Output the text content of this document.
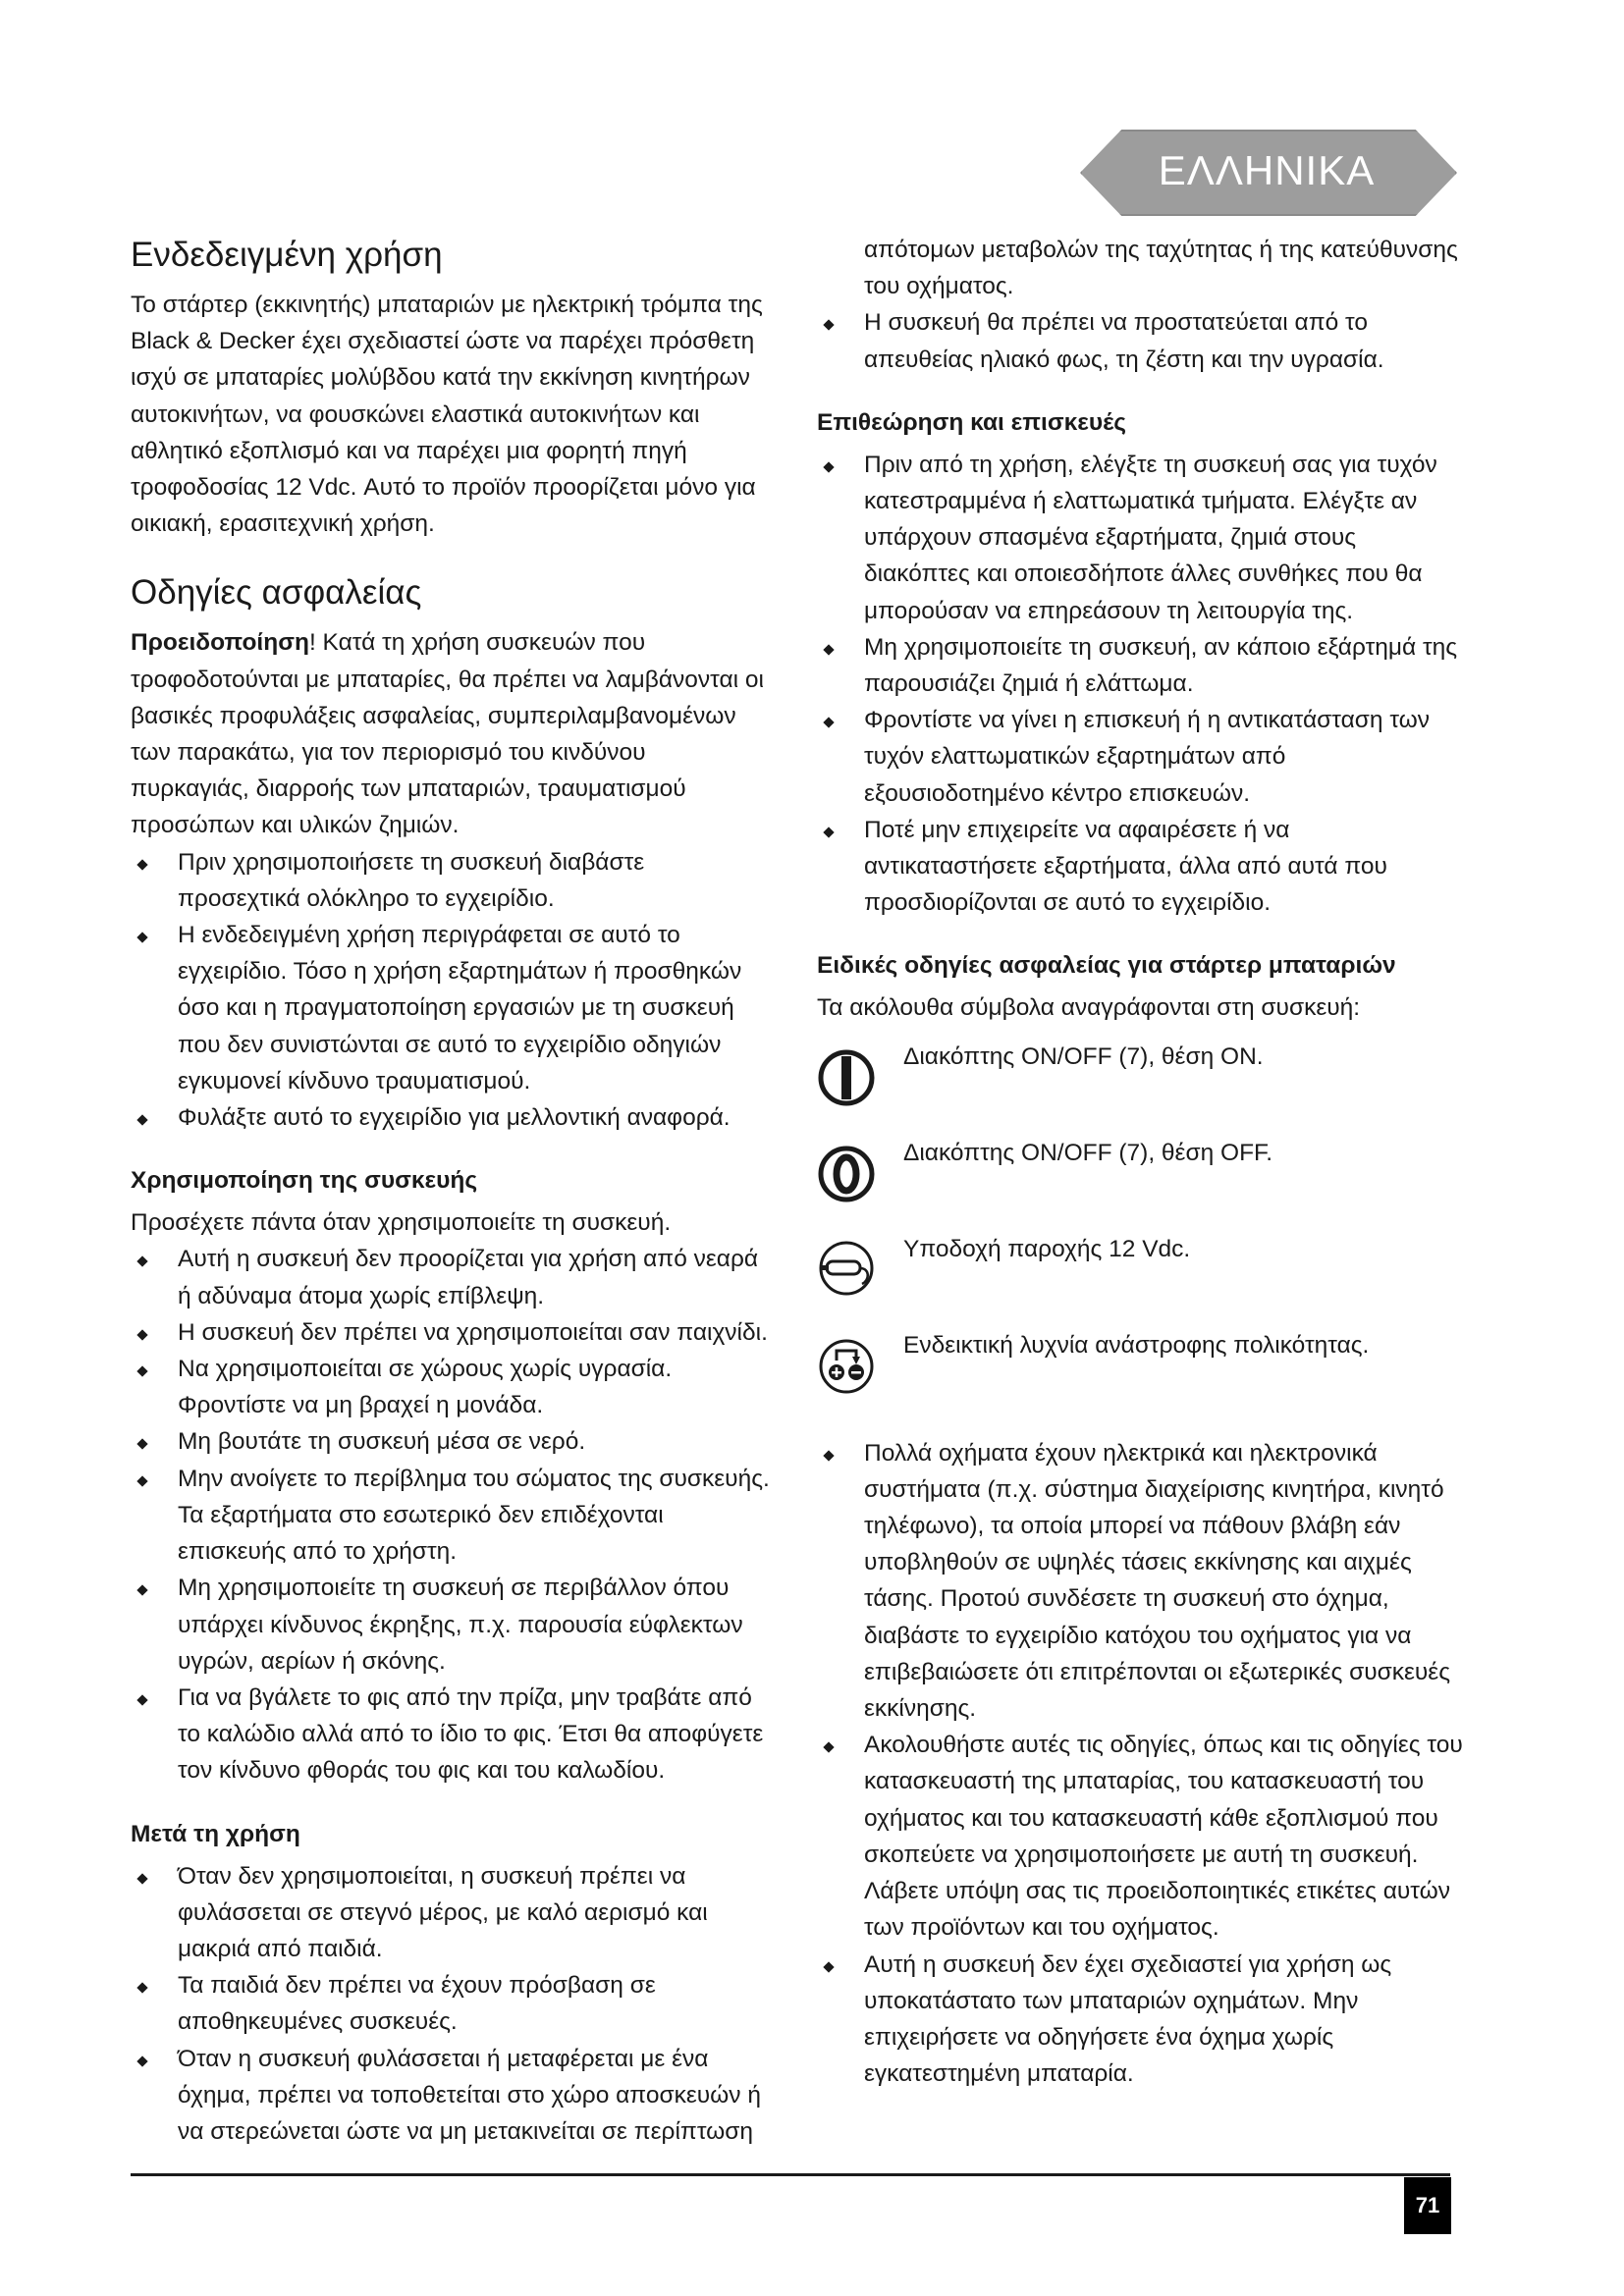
ΕΛΛΗΝΙΚΑ
Ενδεδειγμένη χρήση

Το στάρτερ (εκκινητής) μπαταριών με ηλεκτρική τρόμπα της Black & Decker έχει σχεδιαστεί ώστε να παρέχει πρόσθετη ισχύ σε μπαταρίες μολύβδου κατά την εκκίνηση κινητήρων αυτοκινήτων, να φουσκώνει ελαστικά αυτοκινήτων και αθλητικό εξοπλισμό και να παρέχει μια φορητή πηγή τροφοδοσίας 12 Vdc. Αυτό το προϊόν προορίζεται μόνο για οικιακή, ερασιτεχνική χρήση.

Οδηγίες ασφαλείας

Προειδοποίηση! Κατά τη χρήση συσκευών που τροφοδοτούνται με μπαταρίες, θα πρέπει να λαμβάνονται οι βασικές προφυλάξεις ασφαλείας, συμπεριλαμβανομένων των παρακάτω, για τον περιορισμό του κινδύνου πυρκαγιάς, διαρροής των μπαταριών, τραυματισμού προσώπων και υλικών ζημιών.

Πριν χρησιμοποιήσετε τη συσκευή διαβάστε προσεχτικά ολόκληρο το εγχειρίδιο.
Η ενδεδειγμένη χρήση περιγράφεται σε αυτό το εγχειρίδιο. Τόσο η χρήση εξαρτημάτων ή προσθηκών όσο και η πραγματοποίηση εργασιών με τη συσκευή που δεν συνιστώνται σε αυτό το εγχειρίδιο οδηγιών εγκυμονεί κίνδυνο τραυματισμού.
Φυλάξτε αυτό το εγχειρίδιο για μελλοντική αναφορά.
Χρησιμοποίηση της συσκευής

Προσέχετε πάντα όταν χρησιμοποιείτε τη συσκευή.

Αυτή η συσκευή δεν προορίζεται για χρήση από νεαρά ή αδύναμα άτομα χωρίς επίβλεψη.
Η συσκευή δεν πρέπει να χρησιμοποιείται σαν παιχνίδι.
Να χρησιμοποιείται σε χώρους χωρίς υγρασία. Φροντίστε να μη βραχεί η μονάδα.
Μη βουτάτε τη συσκευή μέσα σε νερό.
Μην ανοίγετε το περίβλημα του σώματος της συσκευής. Τα εξαρτήματα στο εσωτερικό δεν επιδέχονται επισκευής από το χρήστη.
Μη χρησιμοποιείτε τη συσκευή σε περιβάλλον όπου υπάρχει κίνδυνος έκρηξης, π.χ. παρουσία εύφλεκτων υγρών, αερίων ή σκόνης.
Για να βγάλετε το φις από την πρίζα, μην τραβάτε από το καλώδιο αλλά από το ίδιο το φις. Έτσι θα αποφύγετε τον κίνδυνο φθοράς του φις και του καλωδίου.
Μετά τη χρήση
Όταν δεν χρησιμοποιείται, η συσκευή πρέπει να φυλάσσεται σε στεγνό μέρος, με καλό αερισμό και μακριά από παιδιά.
Τα παιδιά δεν πρέπει να έχουν πρόσβαση σε αποθηκευμένες συσκευές.
Όταν η συσκευή φυλάσσεται ή μεταφέρεται με ένα όχημα, πρέπει να τοποθετείται στο χώρο αποσκευών ή να στερεώνεται ώστε να μη μετακινείται σε περίπτωση

απότομων μεταβολών της ταχύτητας ή της κατεύθυνσης του οχήματος.

Η συσκευή θα πρέπει να προστατεύεται από το απευθείας ηλιακό φως, τη ζέστη και την υγρασία.
Επιθεώρηση και επισκευές
Πριν από τη χρήση, ελέγξτε τη συσκευή σας για τυχόν κατεστραμμένα ή ελαττωματικά τμήματα. Ελέγξτε αν υπάρχουν σπασμένα εξαρτήματα, ζημιά στους διακόπτες και οποιεσδήποτε άλλες συνθήκες που θα μπορούσαν να επηρεάσουν τη λειτουργία της.
Μη χρησιμοποιείτε τη συσκευή, αν κάποιο εξάρτημά της παρουσιάζει ζημιά ή ελάττωμα.
Φροντίστε να γίνει η επισκευή ή η αντικατάσταση των τυχόν ελαττωματικών εξαρτημάτων από εξουσιοδοτημένο κέντρο επισκευών.
Ποτέ μην επιχειρείτε να αφαιρέσετε ή να αντικαταστήσετε εξαρτήματα, άλλα από αυτά που προσδιορίζονται σε αυτό το εγχειρίδιο.
Ειδικές οδηγίες ασφαλείας για στάρτερ μπαταριών

Τα ακόλουθα σύμβολα αναγράφονται στη συσκευή:

Διακόπτης ON/OFF (7), θέση ON.
Διακόπτης ON/OFF (7), θέση OFF.
Υποδοχή παροχής 12 Vdc.
Ενδεικτική λυχνία ανάστροφης πολικότητας.
Πολλά οχήματα έχουν ηλεκτρικά και ηλεκτρονικά συστήματα (π.χ. σύστημα διαχείρισης κινητήρα, κινητό τηλέφωνο), τα οποία μπορεί να πάθουν βλάβη εάν υποβληθούν σε υψηλές τάσεις εκκίνησης και αιχμές τάσης. Προτού συνδέσετε τη συσκευή στο όχημα, διαβάστε το εγχειρίδιο κατόχου του οχήματος για να επιβεβαιώσετε ότι επιτρέπονται οι εξωτερικές συσκευές εκκίνησης.
Ακολουθήστε αυτές τις οδηγίες, όπως και τις οδηγίες του κατασκευαστή της μπαταρίας, του κατασκευαστή του οχήματος και του κατασκευαστή κάθε εξοπλισμού που σκοπεύετε να χρησιμοποιήσετε με αυτή τη συσκευή. Λάβετε υπόψη σας τις προειδοποιητικές ετικέτες αυτών των προϊόντων και του οχήματος.
Αυτή η συσκευή δεν έχει σχεδιαστεί για χρήση ως υποκατάστατο των μπαταριών οχημάτων. Μην επιχειρήσετε να οδηγήσετε ένα όχημα χωρίς εγκατεστημένη μπαταρία.
71
